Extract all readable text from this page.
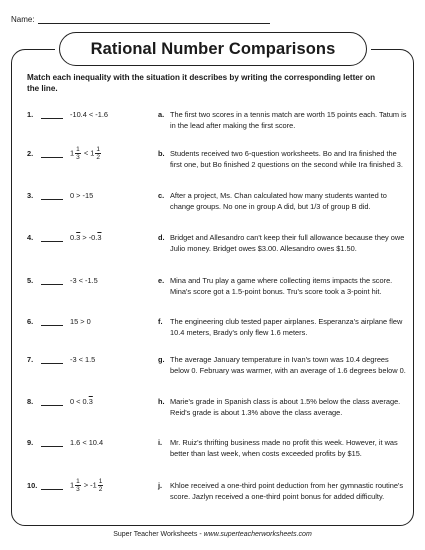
Name:
Rational Number Comparisons
Match each inequality with the situation it describes by writing the corresponding letter on the line.
1.	-10.4 < -1.6	a. The first two scores in a tennis match are worth 15 points each. Tatum is in the lead after making the first score.
2.	$1 \frac{1}{3} < 1 \frac{1}{2}$	b. Students received two 6-question worksheets. Bo and Ira finished the first one, but Bo finished 2 questions on the second while Ira finished 3.
3.	0 > -15	c. After a project, Ms. Chan calculated how many students wanted to change groups. No one in group A did, but 1/3 of group B did.
4.	0.3 > -0.3	d. Bridget and Allesandro can't keep their full allowance because they owe Julio money. Bridget owes $3.00. Allesandro owes $1.50.
5.	-3 < -1.5	e. Mina and Tru play a game where collecting items impacts the score. Mina's score got a 1.5-point bonus. Tru's score took a 3-point hit.
6.	15 > 0	f. The engineering club tested paper airplanes. Esperanza's airplane flew 10.4 meters, Brady's only flew 1.6 meters.
7.	-3 < 1.5	g. The average January temperature in Ivan's town was 10.4 degrees below 0. February was warmer, with an average of 1.6 degrees below 0.
8.	0 < 0.3	h. Marie's grade in Spanish class is about 1.5% below the class average. Reid's grade is about 1.3% above the class average.
9.	1.6 < 10.4	i. Mr. Ruiz's thrifting business made no profit this week. However, it was better than last week, when costs exceeded profits by $15.
10.	$1 \frac{1}{3} > -1 \frac{1}{2}$	j. Khloe received a one-third point deduction from her gymnastic routine's score. Jazlyn received a one-third point bonus for added difficulty.
Super Teacher Worksheets - www.superteacherworksheets.com
